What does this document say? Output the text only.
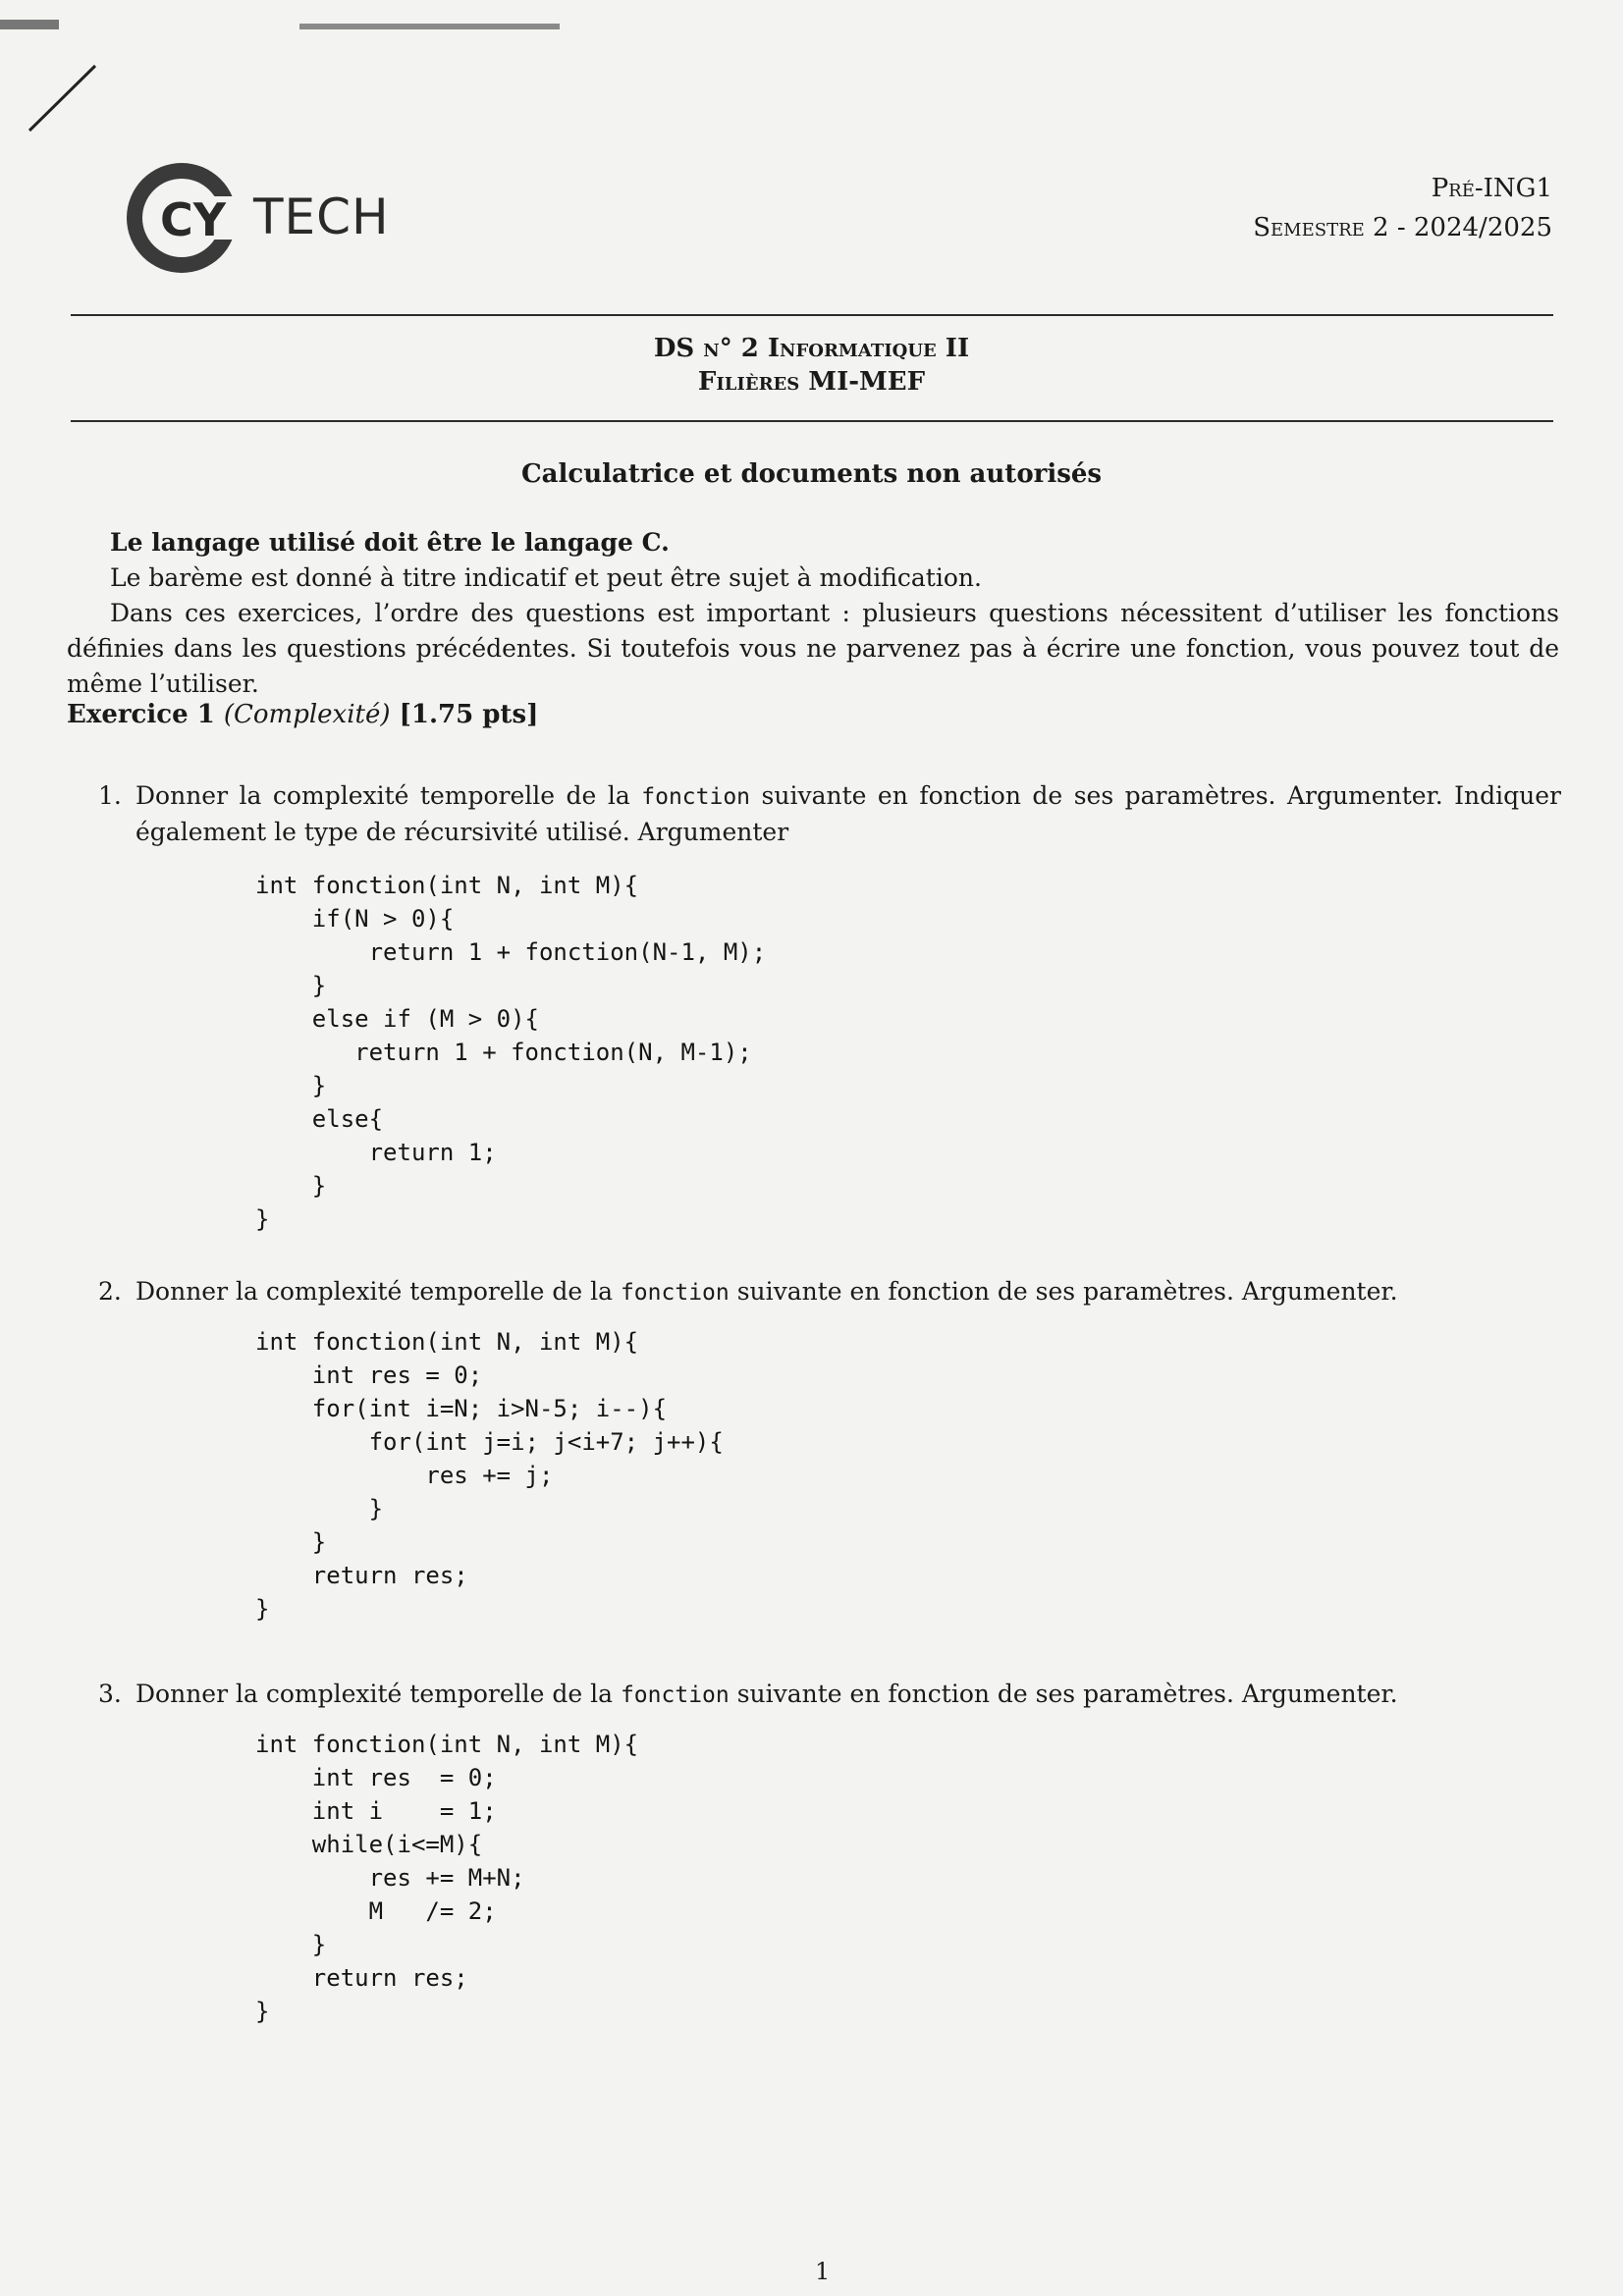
CY TECH	Pré-ING1
Semestre 2 - 2024/2025
DS n° 2 Informatique II
Filières MI-MEF
Calculatrice et documents non autorisés

Le langage utilisé doit être le langage C.

Le barème est donné à titre indicatif et peut être sujet à modification.

Dans ces exercices, l’ordre des questions est important : plusieurs questions nécessitent d’utiliser les fonctions définies dans les questions précédentes. Si toutefois vous ne parvenez pas à écrire une fonction, vous pouvez tout de même l’utiliser.

Exercice 1 (Complexité) [1.75 pts]
1. Donner la complexité temporelle de la fonction suivante en fonction de ses paramètres. Argumenter. Indiquer également le type de récursivité utilisé. Argumenter
int fonction(int N, int M){
if(N > 0){
return 1 + fonction(N-1, M);
}
else if (M > 0){
return 1 + fonction(N, M-1);
}
else{
return 1;
}
}
2. Donner la complexité temporelle de la fonction suivante en fonction de ses paramètres. Argumenter.
int fonction(int N, int M){
int res = 0;
for(int i=N; i>N-5; i--){
for(int j=i; j<i+7; j++){
res += j;
}
}
return res;
}
3. Donner la complexité temporelle de la fonction suivante en fonction de ses paramètres. Argumenter.
int fonction(int N, int M){
int res  = 0;
int i    = 1;
while(i<=M){
res += M+N;
M   /= 2;
}
return res;
}
1
